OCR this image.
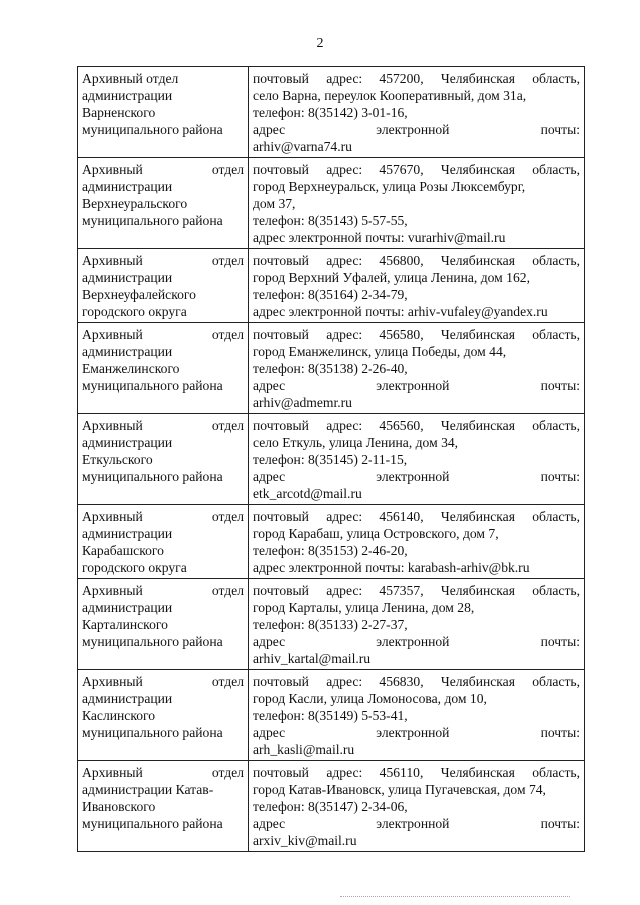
2
Архивный отдел
администрации
Варненского
муниципального района	почтовый адрес: 457200, Челябинская область,
село Варна, переулок Кооперативный, дом 31а,
телефон: 8(35142) 3-01-16,
адрес электронной почты:
arhiv@varna74.ru

Архивный отдел
администрации
Верхнеуральского
муниципального района	почтовый адрес: 457670, Челябинская область,
город Верхнеуральск, улица Розы Люксембург,
дом 37,
телефон: 8(35143) 5-57-55,
адрес электронной почты: vurarhiv@mail.ru

Архивный отдел
администрации
Верхнеуфалейского
городского округа	почтовый адрес: 456800, Челябинская область,
город Верхний Уфалей, улица Ленина, дом 162,
телефон: 8(35164) 2-34-79,
адрес электронной почты: arhiv-vufaley@yandex.ru

Архивный отдел
администрации
Еманжелинского
муниципального района	почтовый адрес: 456580, Челябинская область,
город Еманжелинск, улица Победы, дом 44,
телефон: 8(35138) 2-26-40,
адрес электронной почты:
arhiv@admemr.ru

Архивный отдел
администрации
Еткульского
муниципального района	почтовый адрес: 456560, Челябинская область,
село Еткуль, улица Ленина, дом 34,
телефон: 8(35145) 2-11-15,
адрес электронной почты:
etk_arcotd@mail.ru

Архивный отдел
администрации
Карабашского
городского округа	почтовый адрес: 456140, Челябинская область,
город Карабаш, улица Островского, дом 7,
телефон: 8(35153) 2-46-20,
адрес электронной почты: karabash-arhiv@bk.ru

Архивный отдел
администрации
Карталинского
муниципального района	почтовый адрес: 457357, Челябинская область,
город Карталы, улица Ленина, дом 28,
телефон: 8(35133) 2-27-37,
адрес электронной почты:
arhiv_kartal@mail.ru

Архивный отдел
администрации
Каслинского
муниципального района	почтовый адрес: 456830, Челябинская область,
город Касли, улица Ломоносова, дом 10,
телефон: 8(35149) 5-53-41,
адрес электронной почты:
arh_kasli@mail.ru

Архивный отдел
администрации Катав-
Ивановского
муниципального района	почтовый адрес: 456110, Челябинская область,
город Катав-Ивановск, улица Пугачевская, дом 74,
телефон: 8(35147) 2-34-06,
адрес электронной почты:
arxiv_kiv@mail.ru
